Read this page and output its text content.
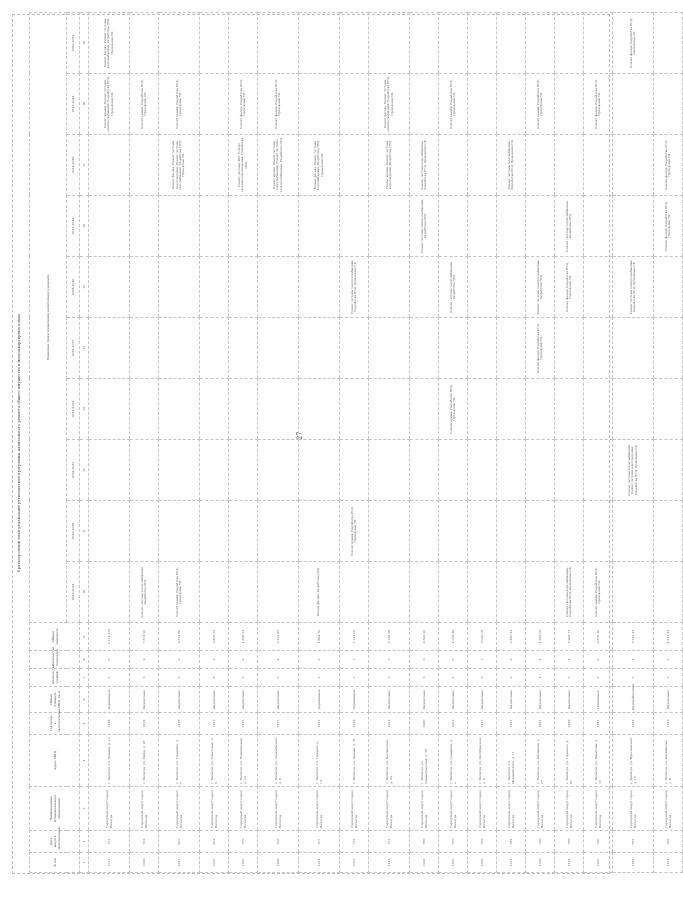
27
Краткосрочный план реализации региональной программы капитального ремонта общего имущества в многоквартирных домах
№ п/п	Дата ввода в эксплуатацию	Наименование муниципального образования	Адрес МКД	Год ввода в эксплуатацию	Общая площадь МКД, кв.м	Количество этажей	Количество подъездов	Общая стоимость	Плановые сроки проведения капитального ремонта									
									2023-2025	2026-2028	2029-2031	2032-2034	2035-2037	2038-2040	2041-2043	2044-2046	2047-2049	2050-2052
1	2	3	4	5	6	7	8	9	10	11	12	13	14	15	16	17	18	19
1011	721	Городской округ город Вологда	г. Вологда, ул. Ленина, д. 12	1958	Деревянные	2	3	3 174 675									Ремонт крыши, Ремонт системы электроснабжения, Разработка ПСД, Проведение СК	Ремонт фасада, Ремонт системы водоснабжения, Разработка ПСД, Проведение СК
1549	722	Городской округ город Вологда	г. Вологда, ул. Мира, д. 18	1974	Кирпичные	5	4	7 814 20	Ремонт системы теплоснабжения, Разработка ПСД								Ремонт крыши, Разработка ПСД, Проведение СК	
1647	902	Городской округ город Вологда	г. Вологда, ул. Гагарина, д. 7	1978	Кирпичные	5	6	6 544 86	Ремонт крыши, Разработка ПСД, Проведение СК							Ремонт фасада, Ремонт системы водоотведения, Ремонт системы газоснабжения, Разработка ПСД, Проведение СК	Ремонт крыши, Разработка ПСД, Проведение СК	
1667	904	Городской округ город Вологда	г. Вологда, ул. Советская, д. 3	1957	Кирпичные	4	3	3 859 32										
1360	705	Городской округ город Вологда	г. Вологда, ул. Пушкинская, д. 22	1975	Кирпичные	5	3	4 899 24								Ремонт системы ХВС, Ремонт системы водоотведения, Разработка ПСД	Ремонт фасада, Разработка ПСД, Проведение СК	
1499	706	Городской округ город Вологда	г. Вологда, ул. Зосимовская, д. 9	1977	Кирпичные	5	4	5 222 97								Ремонт крыши, Ремонт системы теплоснабжения, Ремонт системы электроснабжения, Разработка ПСД	Ремонт фасада, Разработка ПСД, Проведение СК	
1351	707	Городской округ город Вологда	г. Вологда, ул. Герцена, д. 14	1952	Деревянные	2	2	1 894 76	Ремонт фасада, Разработка ПСД							Ремонт фасада, Ремонт системы водоснабжения, Разработка ПСД, Проведение СК		
1052	719	Городской округ город Вологда	г. Вологда, ул. Чехова, д. 31	1959	Деревянные	2	2	1 224 06		Ремонт крыши, Разработка ПСД, Проведение СК				Ремонт системы электроснабжения, Разработка ПСД, Проведение СК				
1443	721	Городской округ город Вологда	г. Вологда, ул. Козленская, д. 44	1962	Кирпичные	3	2	2 348 78								Ремонт крыши, Ремонт системы водоотведения, Разработка ПСД	Ремонт фасада, Ремонт системы электроснабжения, Разработка ПСД, Проведение СК	
1294	780	Городской округ город Вологда	г. Вологда, ул. Ленинградская, д. 58	1980	Кирпичные	5	6	6 864 20							Ремонт системы электроснабжения, Разработка ПСД	Ремонт системы водоснабжения, Разработка ПСД, Проведение СК		
1300	782	Городской округ город Вологда	г. Вологда, ул. Северная, д. 2	1963	Кирпичные	4	3	4 028 86				Ремонт крыши, Разработка ПСД, Проведение СК		Ремонт системы теплоснабжения, Разработка ПСД			Ремонт крыши, Разработка ПСД, Проведение СК	
1306	783	Городской округ город Вологда	г. Вологда, ул. Октябрьская, д. 6	1957	Кирпичные	3	2	3 056 09										
1321	784	Городской округ город Вологда	г. Вологда, ул. Менжинского, д. 11	1961	Кирпичные	3	3	2 890 43								Ремонт системы газоснабжения, Разработка ПСД, Проведение СК		
1239	786	Городской округ город Вологда	г. Вологда, ул. Мальцева, д. 27	1961	Кирпичные	4	4	4 695 00					Ремонт фасада, Разработка ПСД, Проведение СК	Ремонт системы электроснабжения, Разработка ПСД			Ремонт крыши, Разработка ПСД, Проведение СК	
1518	789	Городской округ город Вологда	г. Вологда, ул. Горького, д. 81	1969	Кирпичные	5	4	5 968 74	Ремонт системы водоснабжения, Разработка ПСД, Проведение СК					Ремонт фасада, Разработка ПСД, Проведение СК	Ремонт системы теплоснабжения, Разработка ПСД			
1300	790	Городской округ город Вологда	г. Вологда, ул. Пирогова, д. 10	1984	Панельные	9	6	9 879 40	Ремонт крыши, Разработка ПСД, Проведение СК								Ремонт фасада, Разработка ПСД, Проведение СК	
1385	791	Городской округ город Вологда	г. Вологда, ул. Ярославская, д. 19	1964	Крупноблочные	5	4	6 213 43			Ремонт системы теплоснабжения, Ремонт системы водоотведения, Разработка ПСД, Проведение СК			Ремонт системы электроснабжения, Разработка ПСД, Проведение СК				Ремонт фасада, Разработка ПСД, Проведение СК
1431	793	Городской округ город Вологда	г. Вологда, ул. Батюшкова, д. 8	1953	Кирпичные	2	2	1 511 42							Ремонт фасада, Разработка ПСД, Проведение СК	Ремонт фасада, Разработка ПСД, Проведение СК		
